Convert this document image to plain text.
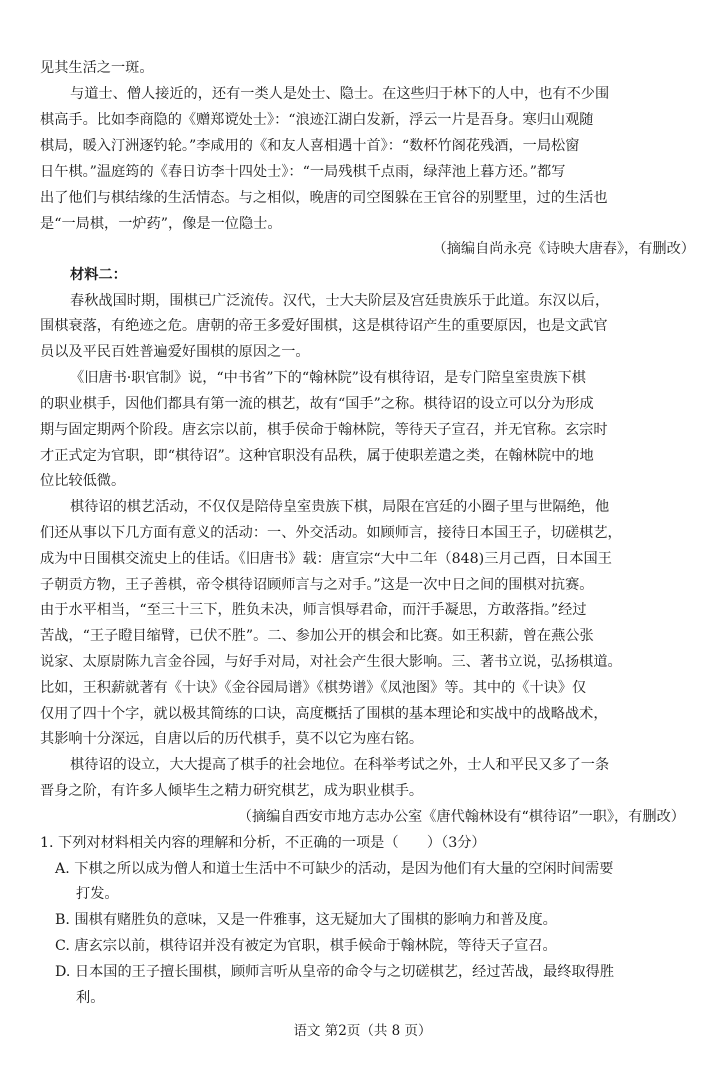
见其生活之一斑。
与道士、僧人接近的，还有一类人是处士、隐士。在这些归于林下的人中，也有不少围
棋高手。比如李商隐的《赠郑谠处士》：“浪迹江湖白发新，浮云一片是吾身。寒归山观随
棋局，暖入汀洲逐钓轮。”李咸用的《和友人喜相遇十首》：“数杯竹阁花残酒，一局松窗
日午棋。”温庭筠的《春日访李十四处士》：“一局残棋千点雨，绿萍池上暮方还。”都写
出了他们与棋结缘的生活情态。与之相似，晚唐的司空图躲在王官谷的别墅里，过的生活也
是“一局棋，一炉药”，像是一位隐士。
（摘编自尚永亮《诗映大唐春》，有删改）
材料二：
春秋战国时期，围棋已广泛流传。汉代，士大夫阶层及宫廷贵族乐于此道。东汉以后，
围棋衰落，有绝迹之危。唐朝的帝王多爱好围棋，这是棋待诏产生的重要原因，也是文武官
员以及平民百姓普遍爱好围棋的原因之一。
《旧唐书·职官制》说，“中书省”下的“翰林院”设有棋待诏，是专门陪皇室贵族下棋
的职业棋手，因他们都具有第一流的棋艺，故有“国手”之称。棋待诏的设立可以分为形成
期与固定期两个阶段。唐玄宗以前，棋手侯命于翰林院，等待天子宣召，并无官称。玄宗时
才正式定为官职，即“棋待诏”。这种官职没有品秩，属于使职差遣之类，在翰林院中的地
位比较低微。
棋待诏的棋艺活动，不仅仅是陪侍皇室贵族下棋，局限在宫廷的小圈子里与世隔绝，他
们还从事以下几方面有意义的活动：一、外交活动。如顾师言，接待日本国王子，切磋棋艺，
成为中日围棋交流史上的佳话。《旧唐书》载：唐宣宗“大中二年（848)三月己酉，日本国王
子朝贡方物，王子善棋，帝令棋待诏顾师言与之对手。”这是一次中日之间的围棋对抗赛。
由于水平相当，“至三十三下，胜负未决，师言惧辱君命，而汗手凝思，方敢落指。”经过
苦战，“王子瞪目缩臂，已伏不胜”。二、参加公开的棋会和比赛。如王积薪，曾在燕公张
说家、太原尉陈九言金谷园，与好手对局，对社会产生很大影响。三、著书立说，弘扬棋道。
比如，王积薪就著有《十诀》《金谷园局谱》《棋势谱》《凤池图》等。其中的《十诀》仅
仅用了四十个字，就以极其简练的口诀，高度概括了围棋的基本理论和实战中的战略战术，
其影响十分深远，自唐以后的历代棋手，莫不以它为座右铭。
棋待诏的设立，大大提高了棋手的社会地位。在科举考试之外，士人和平民又多了一条
晋身之阶，有许多人倾毕生之精力研究棋艺，成为职业棋手。
（摘编自西安市地方志办公室《唐代翰林设有“棋待诏”一职》，有删改）
1. 下列对材料相关内容的理解和分析，不正确的一项是（　　）（3分）
A. 下棋之所以成为僧人和道士生活中不可缺少的活动，是因为他们有大量的空闲时间需要
打发。
B. 围棋有赌胜负的意味，又是一件雅事，这无疑加大了围棋的影响力和普及度。
C. 唐玄宗以前，棋待诏并没有被定为官职，棋手候命于翰林院，等待天子宣召。
D. 日本国的王子擅长围棋，顾师言听从皇帝的命令与之切磋棋艺，经过苦战，最终取得胜
利。
语文 第2页（共 8 页）
